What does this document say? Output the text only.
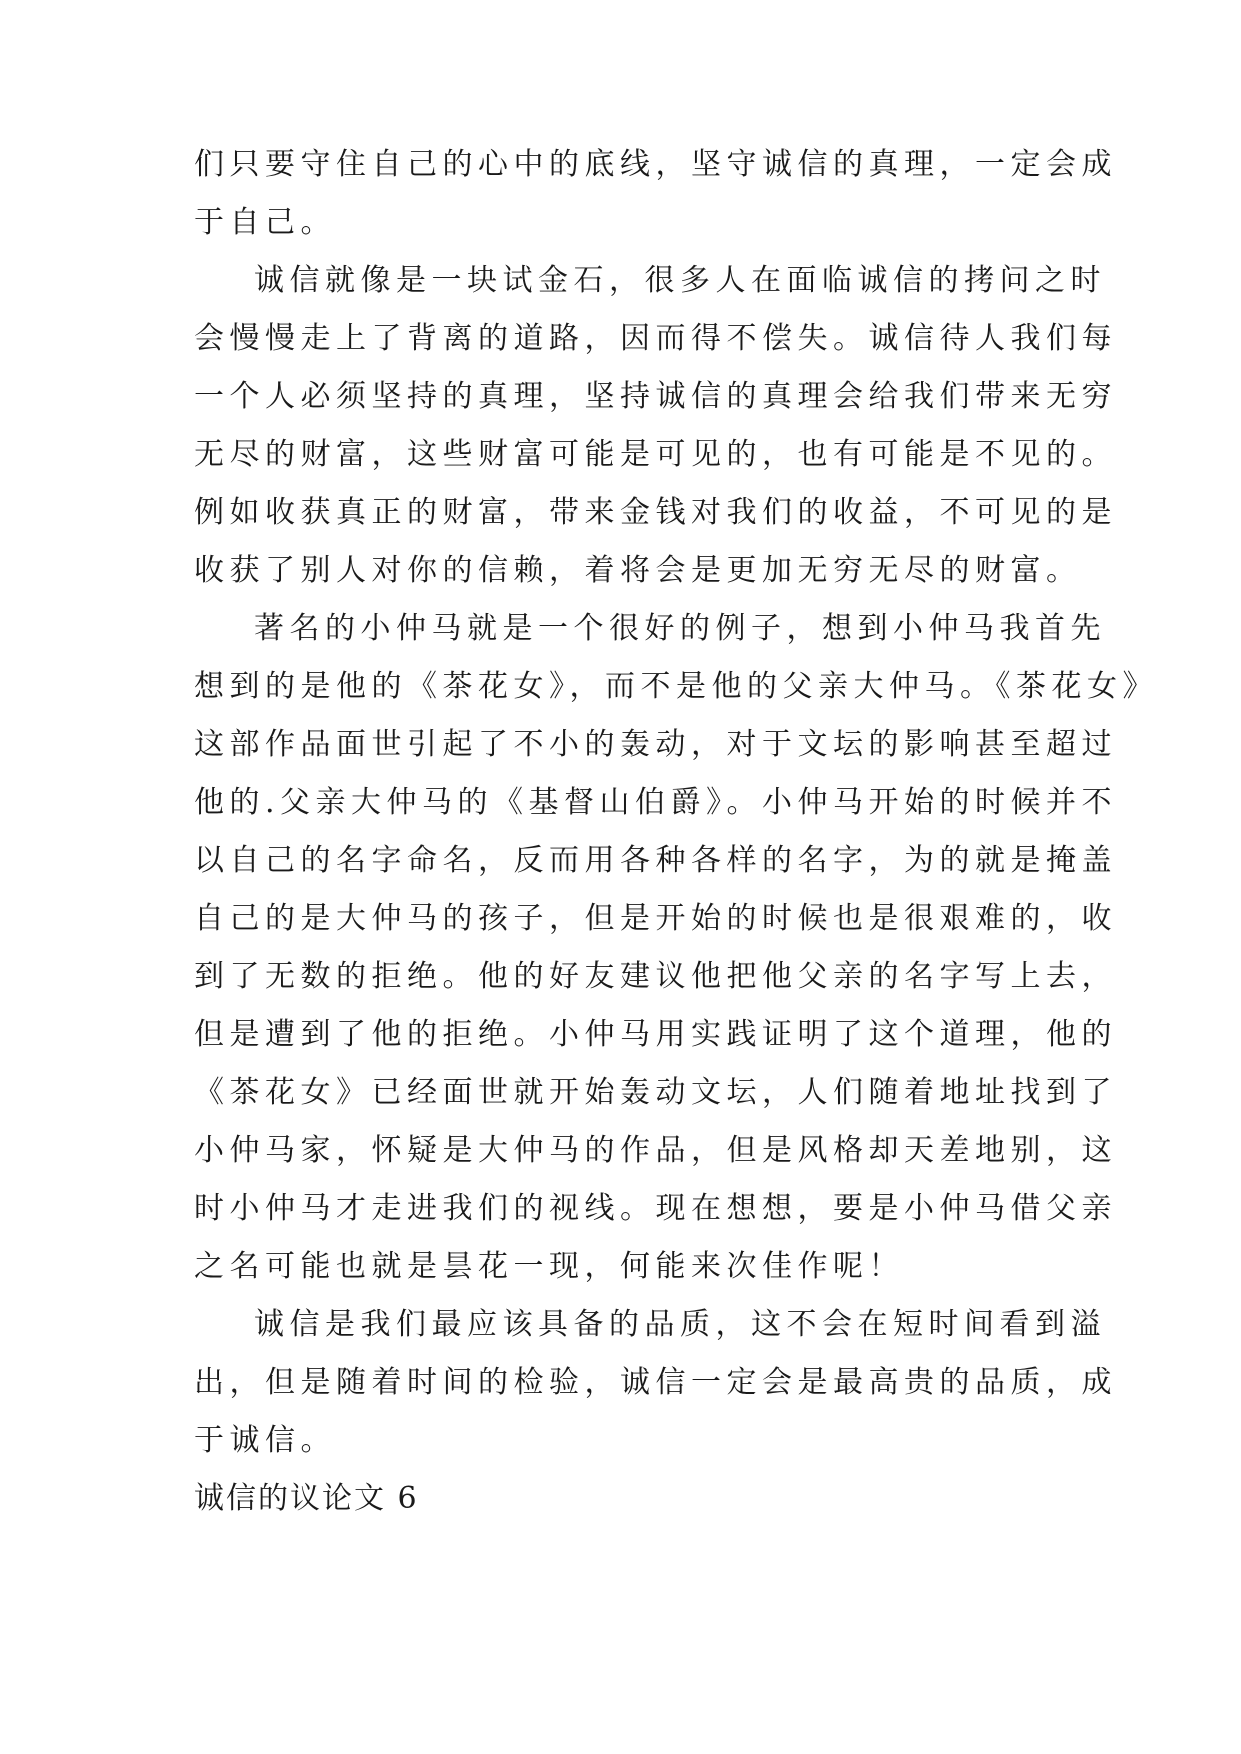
们只要守住自己的心中的底线，坚守诚信的真理，一定会成
于自己。
诚信就像是一块试金石，很多人在面临诚信的拷问之时
会慢慢走上了背离的道路，因而得不偿失。诚信待人我们每
一个人必须坚持的真理，坚持诚信的真理会给我们带来无穷
无尽的财富，这些财富可能是可见的，也有可能是不见的。
例如收获真正的财富，带来金钱对我们的收益，不可见的是
收获了别人对你的信赖，着将会是更加无穷无尽的财富。
著名的小仲马就是一个很好的例子，想到小仲马我首先
想到的是他的《茶花女》，而不是他的父亲大仲马。《茶花女》
这部作品面世引起了不小的轰动，对于文坛的影响甚至超过
他的.父亲大仲马的《基督山伯爵》。小仲马开始的时候并不
以自己的名字命名，反而用各种各样的名字，为的就是掩盖
自己的是大仲马的孩子，但是开始的时候也是很艰难的，收
到了无数的拒绝。他的好友建议他把他父亲的名字写上去，
但是遭到了他的拒绝。小仲马用实践证明了这个道理，他的
《茶花女》已经面世就开始轰动文坛，人们随着地址找到了
小仲马家，怀疑是大仲马的作品，但是风格却天差地别，这
时小仲马才走进我们的视线。现在想想，要是小仲马借父亲
之名可能也就是昙花一现，何能来次佳作呢！
诚信是我们最应该具备的品质，这不会在短时间看到溢
出，但是随着时间的检验，诚信一定会是最高贵的品质，成
于诚信。
诚信的议论文 6
